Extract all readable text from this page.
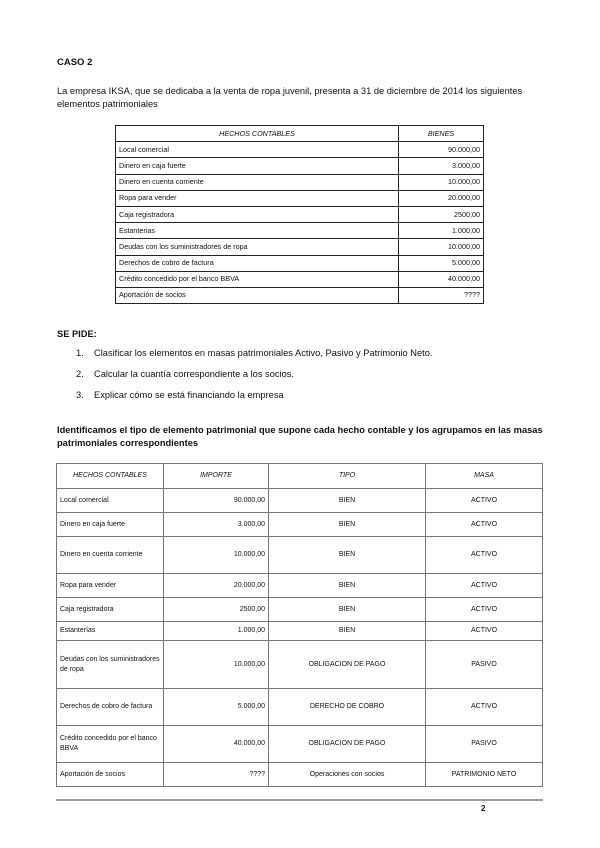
CASO 2
La empresa IKSA, que se dedicaba a la venta de ropa juvenil, presenta a 31 de diciembre de 2014 los siguientes elementos patrimoniales
HECHOS CONTABLES	BIENES
Local comercial	90.000,00
Dinero en caja fuerte	3.000,00
Dinero en cuenta corriente	10.000,00
Ropa para vender	20.000,00
Caja registradora	2500,00
Estanterias	1.000,00
Deudas con los suministradores de ropa	10.000,00
Derechos de cobro de factura	5.000,00
Crédito concedido por el banco BBVA	40.000,00
Aportación de socios	????
SE PIDE:
1. Clasificar los elementos en masas patrimoniales Activo, Pasivo y Patrimonio Neto.
2. Calcular la cuantía correspondiente a los socios.
3. Explicar cómo se está financiando la empresa
Identificamos el tipo de elemento patrimonial que supone cada hecho contable y los agrupamos en las masas patrimoniales correspondientes
HECHOS CONTABLES	IMPORTE	TIPO	MASA
Local comercial	90.000,00	BIEN	ACTIVO
Dinero en caja fuerte	3.000,00	BIEN	ACTIVO
Dinero en cuenta corriente	10.000,00	BIEN	ACTIVO
Ropa para vender	20.000,00	BIEN	ACTIVO
Caja registradora	2500,00	BIEN	ACTIVO
Estanterías	1.000,00	BIEN	ACTIVO
Deudas con los suministradores de ropa	10.000,00	OBLIGACION DE PAGO	PASIVO
Derechos de cobro de factura	5.000,00	DERECHO DE COBRO	ACTIVO
Crédito concedido por el banco BBVA	40.000,00	OBLIGACION DE PAGO	PASIVO
Aportación de socios	????	Operaciones con socios	PATRIMONIO NETO
2
